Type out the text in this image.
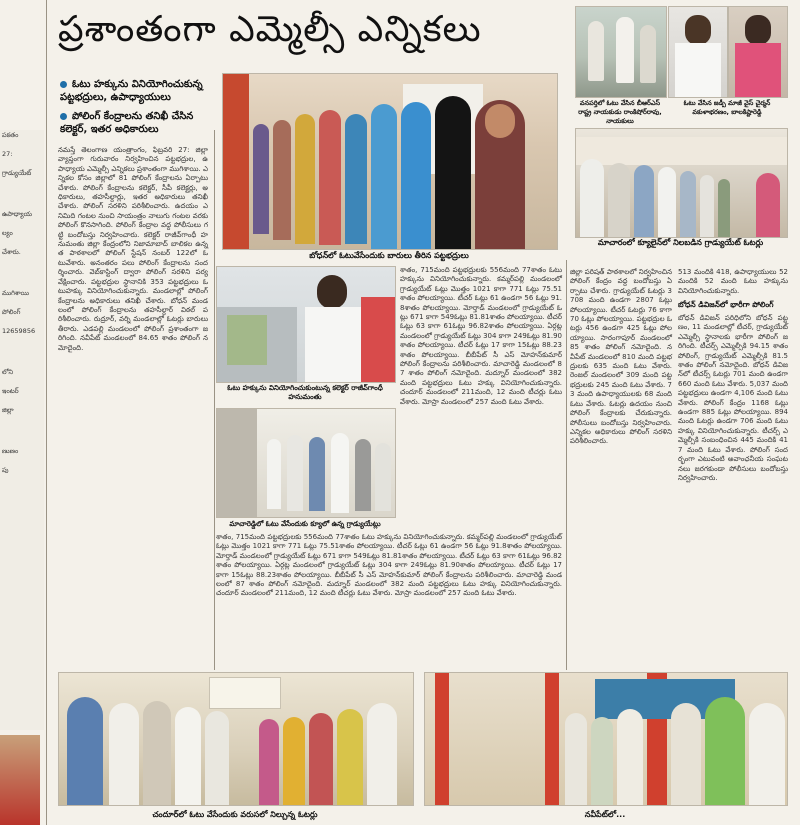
పకతం
27:
గ్రాడ్యుయేట్
ఉపాధ్యాయ
ల్యం
చేశారు.
ముగిశాయి
పోలింగ్
12659856
లోని
ఇంటర్
జిల్లా
ణుణం
పు
ప్రశాంతంగా ఎమ్మెల్సీ ఎన్నికలు
వనపర్తిలో ఓటు వేసిన బీఆర్ఎస్ రాష్ట్ర నాయకుడు రాంకిషోర్‌రావు, నాయకులు
ఓటు వేసిన జడ్పీ మాజీ వైస్ చైర్మన్ వకుళాభరణం, బాలకిష్టారెడ్డి
ఓటు హక్కును వినియోగించుకున్న పట్టభద్రులు, ఉపాధ్యాయులు
పోలింగ్ కేంద్రాలను తనిఖీ చేసిన కలెక్టర్, ఇతర అధికారులు
బోధన్‌లో ఓటువేసేందుకు బారులు తీరిన పట్టభద్రులు
మాచారంలో క్యూలైన్‌లో నిలబడిన గ్రాడ్యుయేట్ ఓటర్లు
నమస్తే తెలంగాణ యంత్రాంగం, ఫిబ్రవరి 27: జిల్లా వ్యాప్తంగా గురువారం నిర్వహించిన పట్టభద్రుల, ఉపాధ్యాయ ఎమ్మెల్సీ ఎన్నికలు ప్రశాంతంగా ముగిశాయి. ఎన్నికల కోసం జిల్లాలో 81 పోలింగ్ కేంద్రాలను ఏర్పాటు చేశారు. పోలింగ్ కేంద్రాలను కలెక్టర్, సీపీ కలెక్టర్లు, అధికారులు, తహసీల్దార్లు, ఇతర అధికారులు తనిఖీ చేశారు. పోలింగ్ సరళిని పరిశీలించారు. ఉదయం ఎనిమిది గంటల నుంచి సాయంత్రం నాలుగు గంటల వరకు పోలింగ్ కొనసాగింది. పోలింగ్ కేంద్రాల వద్ద పోలీసులు గట్టి బందోబస్తు నిర్వహించారు. కలెక్టర్ రాజీవ్‌గాంధీ హనుమంతు జిల్లా కేంద్రంలోని నిజామాబాద్ బాలికల ఉన్నత పాఠశాలలో పోలింగ్ స్టేషన్ నంబర్ 122లో ఓటువేశారు. అనంతరం పలు పోలింగ్ కేంద్రాలను సందర్శించారు. వెబ్‌కాస్టింగ్ ద్వారా పోలింగ్ సరళిని పర్యవేక్షించారు. పట్టభద్రుల స్థానానికి 353 పట్టభద్రులు ఓటుహక్కు వినియోగించుకున్నారు. మండలాల్లో పోలింగ్ కేంద్రాలను అధికారులు తనిఖీ చేశారు. బోధన్ మండలంలో పోలింగ్ కేంద్రాలను తహసీల్దార్ విఠల్ పరిశీలించారు. రుద్రూర్, వర్ని మండలాల్లో ఓటర్లు బారులు తీరారు. ఎడపల్లి మండలంలో పోలింగ్ ప్రశాంతంగా జరిగింది. నవీపేట్ మండలంలో 84.65 శాతం పోలింగ్ నమోదైంది.
ఓటు హక్కును వినియోగించుకుంటున్న కలెక్టర్ రాజీవ్‌గాంధీ హనుమంతు
మాచారెడ్డిలో ఓటు వేసేందుకు క్యూలో ఉన్న గ్రాడ్యుయేట్లు
శాతం, 715మంది పట్టభద్రులకు 556మంది 77శాతం ఓటు హక్కును వినియోగించుకున్నారు. కమ్మర్‌పల్లి మండలంలో గ్రాడ్యుయేట్ ఓట్లు మొత్తం 1021 కాగా 771 ఓట్లు 75.51శాతం పోలయ్యాయి. టీచర్ ఓట్లు 61 ఉండగా 56 ఓట్లు 91.8శాతం పోలయ్యాయి. మోర్తాడ్ మండలంలో గ్రాడ్యుయేట్ ఓట్లు 671 కాగా 549ఓట్లు 81.81శాతం పోలయ్యాయి. టీచర్ ఓట్లు 63 కాగా 61ఓట్లు 96.82శాతం పోలయ్యాయి. ఏర్గట్ల మండలంలో గ్రాడ్యుయేట్ ఓట్లు 304 కాగా 249ఓట్లు 81.90శాతం పోలయ్యాయి. టీచర్ ఓట్లు 17 కాగా 15ఓట్లు 88.23శాతం పోలయ్యాయి. బీబీపేట్ సీ ఎస్ మోహన్‌కుమార్ పోలింగ్ కేంద్రాలను పరిశీలించారు. మాచారెడ్డి మండలంలో 87 శాతం పోలింగ్ నమోదైంది. మద్నూర్ మండలంలో 382 మంది పట్టభద్రులు ఓటు హక్కు వినియోగించుకున్నారు. చందూర్ మండలంలో 211మంది, 12 మంది టీచర్లు ఓటు వేశారు. మోస్రా మండలంలో 257 మంది ఓటు వేశారు.
శాతం, 715మంది పట్టభద్రులకు 556మంది 77శాతం ఓటు హక్కును వినియోగించుకున్నారు. కమ్మర్‌పల్లి మండలంలో గ్రాడ్యుయేట్ ఓట్లు మొత్తం 1021 కాగా 771 ఓట్లు 75.51శాతం పోలయ్యాయి. టీచర్ ఓట్లు 61 ఉండగా 56 ఓట్లు 91.8శాతం పోలయ్యాయి. మోర్తాడ్ మండలంలో గ్రాడ్యుయేట్ ఓట్లు 671 కాగా 549ఓట్లు 81.81శాతం పోలయ్యాయి. టీచర్ ఓట్లు 63 కాగా 61ఓట్లు 96.82శాతం పోలయ్యాయి. ఏర్గట్ల మండలంలో గ్రాడ్యుయేట్ ఓట్లు 304 కాగా 249ఓట్లు 81.90శాతం పోలయ్యాయి. టీచర్ ఓట్లు 17 కాగా 15ఓట్లు 88.23శాతం పోలయ్యాయి. బీబీపేట్ సీ ఎస్ మోహన్‌కుమార్ పోలింగ్ కేంద్రాలను పరిశీలించారు. మాచారెడ్డి మండలంలో 87 శాతం పోలింగ్ నమోదైంది. మద్నూర్ మండలంలో 382 మంది పట్టభద్రులు ఓటు హక్కు వినియోగించుకున్నారు. చందూర్ మండలంలో 211మంది, 12 మంది టీచర్లు ఓటు వేశారు. మోస్రా మండలంలో 257 మంది ఓటు వేశారు.
జిల్లా పరిషత్ పాఠశాలలో నిర్వహించిన పోలింగ్ కేంద్రం వద్ద బందోబస్తు ఏర్పాటు చేశారు. గ్రాడ్యుయేట్ ఓటర్లు 3708 మంది ఉండగా 2807 ఓట్లు పోలయ్యాయి. టీచర్ ఓటర్లు 76 కాగా 70 ఓట్లు పోలయ్యాయి. పట్టభద్రుల ఓటర్లు 456 ఉండగా 425 ఓట్లు పోలయ్యాయి. సారంగాపూర్ మండలంలో 85 శాతం పోలింగ్ నమోదైంది. నవీపేట్ మండలంలో 810 మంది పట్టభద్రులకు 635 మంది ఓటు వేశారు. రెంజల్ మండలంలో 309 మంది పట్టభద్రులకు 245 మంది ఓటు వేశారు. 73 మంది ఉపాధ్యాయులకు 68 మంది ఓటు వేశారు. ఓటర్లు ఉదయం నుంచి పోలింగ్ కేంద్రాలకు చేరుకున్నారు. పోలీసులు బందోబస్తు నిర్వహించారు. ఎన్నికల అధికారులు పోలింగ్ సరళిని పరిశీలించారు.
513 మందికి 418, ఉపాధ్యాయులు 52 మందికి 52 మంది ఓటు హక్కును వినియోగించుకున్నారు.
బోధన్ డివిజన్‌లో భారీగా పోలింగ్
బోధన్ డివిజన్ పరిధిలోని బోధన్ పట్టణం, 11 మండలాల్లో టీచర్, గ్రాడ్యుయేట్ ఎమ్మెల్సీ స్థానాలకు భారీగా పోలింగ్ జరిగింది. టీచర్స్ ఎమ్మెల్సీకి 94.15 శాతం పోలింగ్, గ్రాడ్యుయేట్ ఎమ్మెల్సీకి 81.5 శాతం పోలింగ్ నమోదైంది. బోధన్ డివిజన్‌లో టీచర్స్ ఓటర్లు 701 మంది ఉండగా 660 మంది ఓటు వేశారు. 5,037 మంది పట్టభద్రులు ఉండగా 4,106 మంది ఓటు వేశారు. పోలింగ్ కేంద్రం 1168 ఓట్లు ఉండగా 885 ఓట్లు పోలయ్యాయి. 894 మంది ఓటర్లు ఉండగా 706 మంది ఓటు హక్కు వినియోగించుకున్నారు. టీచర్స్ ఎమ్మెల్సీకి సంబంధించిన 445 మందికి 417 మంది ఓటు వేశారు. పోలింగ్ సందర్భంగా ఎటువంటి అవాంఛనీయ సంఘటనలు జరగకుండా పోలీసులు బందోబస్తు నిర్వహించారు.
చందూర్‌లో ఓటు వేసేందుకు వరుసలో నిల్చున్న ఓటర్లు	నవీపేట్‌లో...
